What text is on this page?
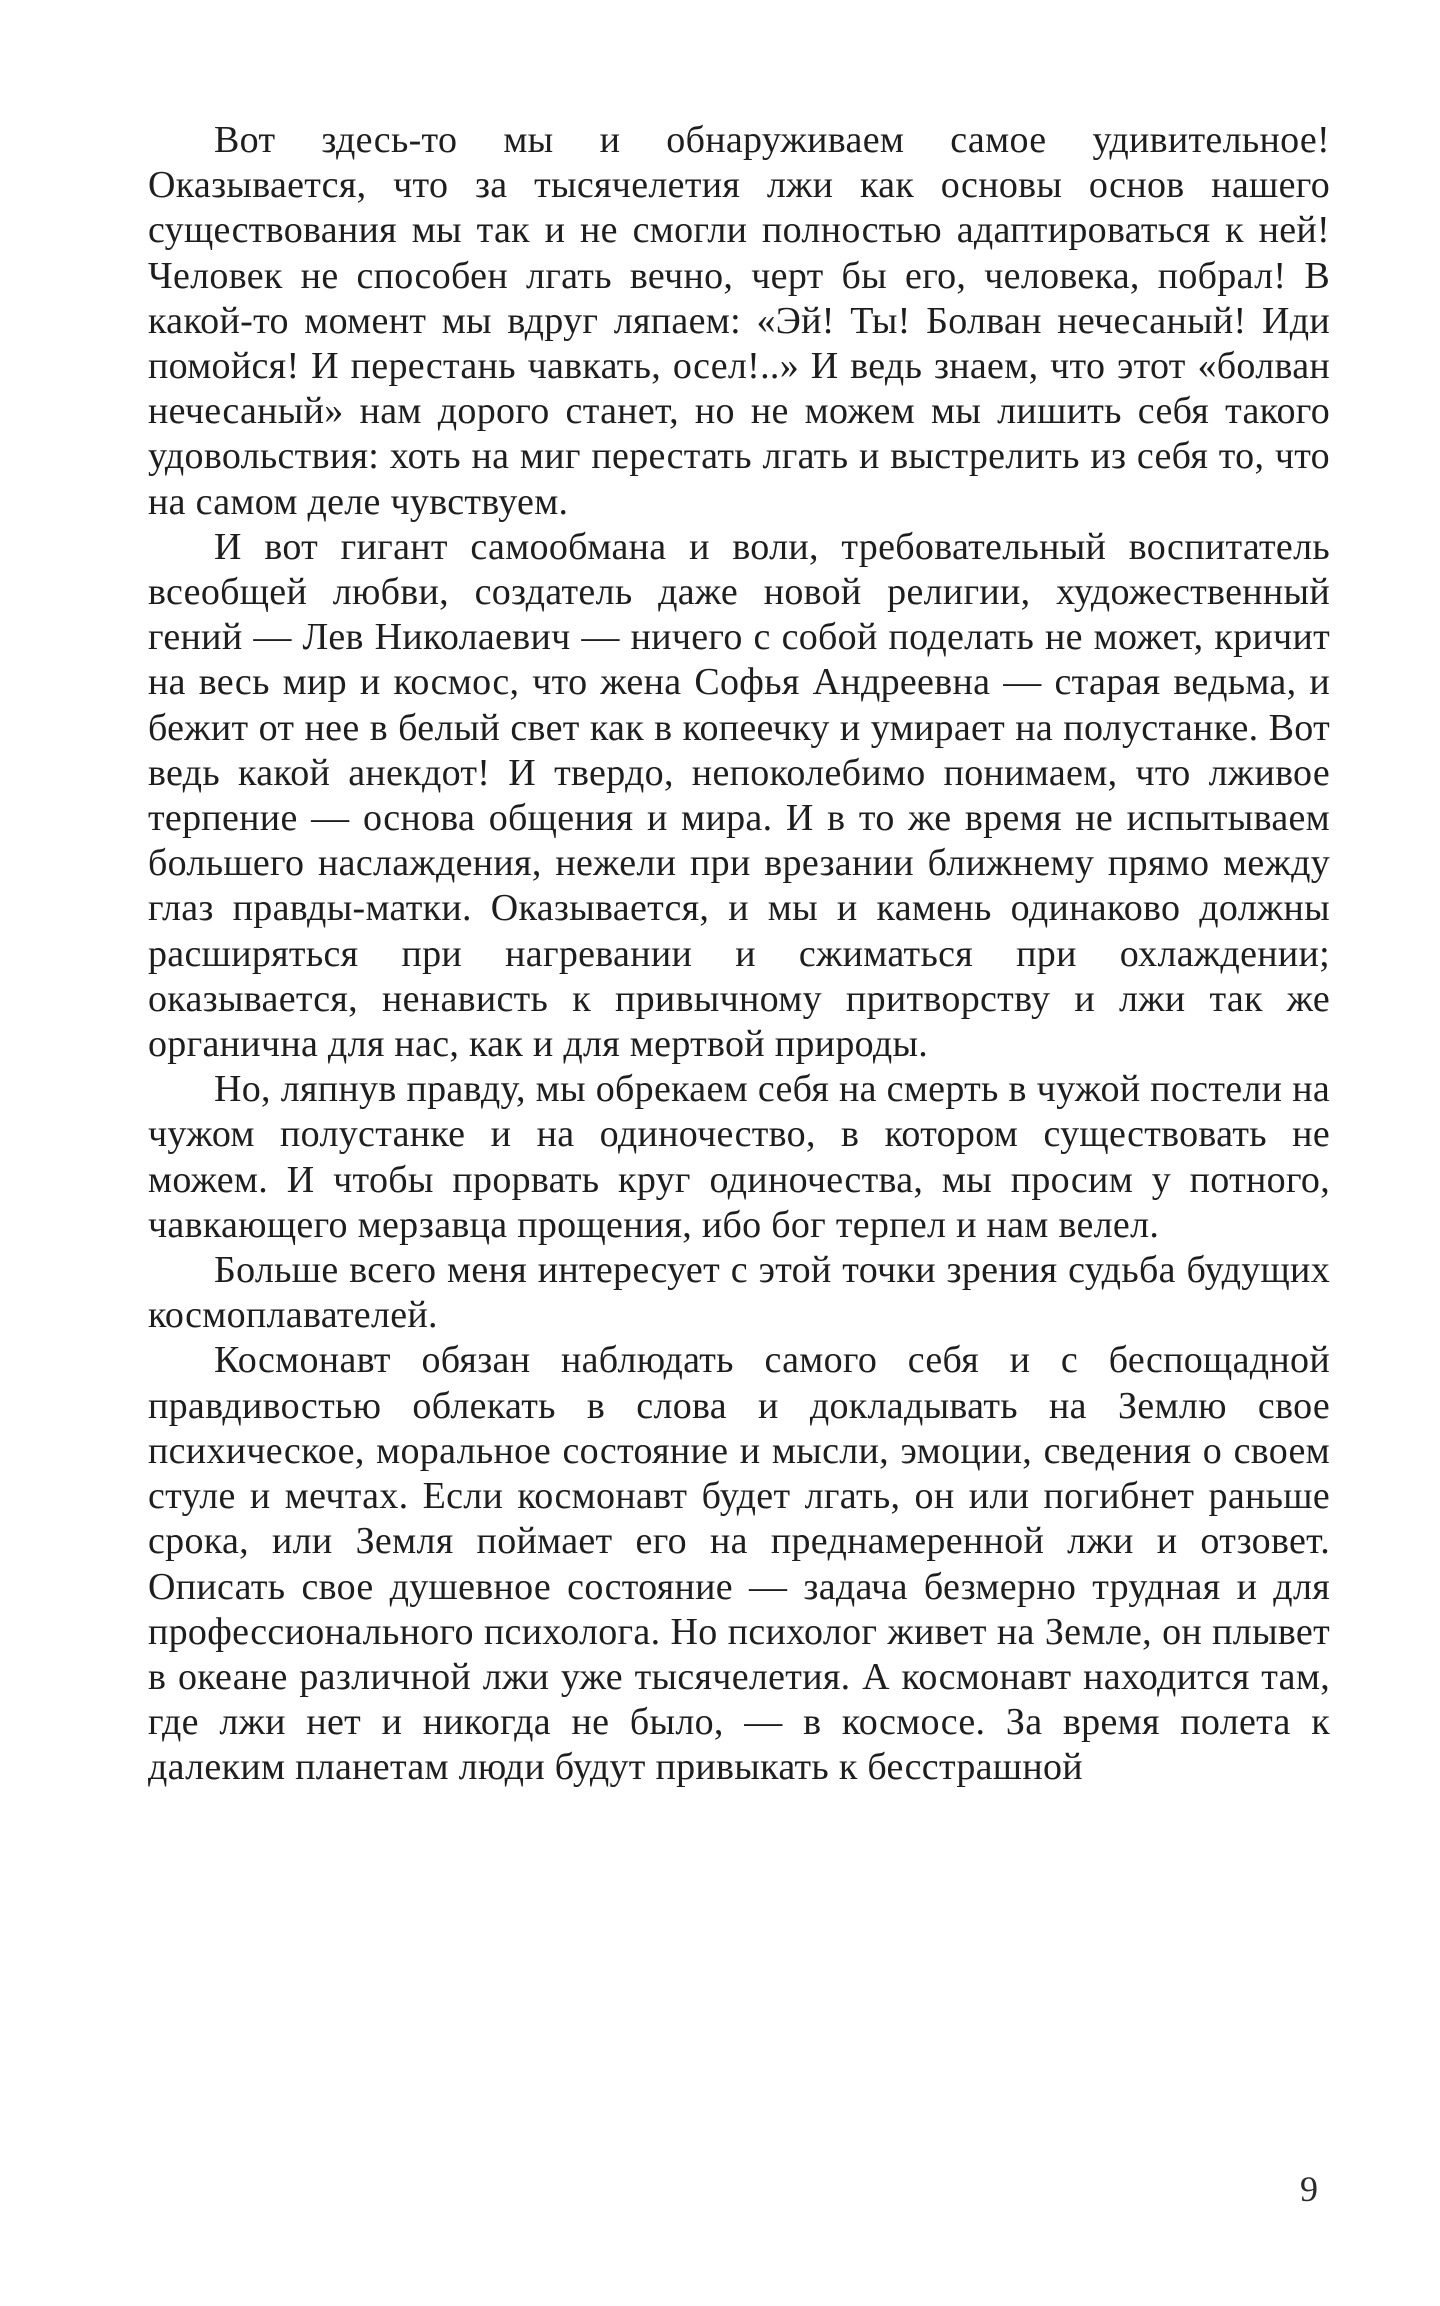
Вот здесь-то мы и обнаруживаем самое удивительное! Оказывается, что за тысячелетия лжи как основы основ нашего существования мы так и не смогли полностью адаптироваться к ней! Человек не способен лгать вечно, черт бы его, человека, побрал! В какой-то момент мы вдруг ляпаем: «Эй! Ты! Болван нечесаный! Иди помойся! И перестань чавкать, осел!..» И ведь знаем, что этот «болван нечесаный» нам дорого станет, но не можем мы лишить себя такого удовольствия: хоть на миг перестать лгать и выстрелить из себя то, что на самом деле чувствуем.

И вот гигант самообмана и воли, требовательный воспитатель всеобщей любви, создатель даже новой религии, художественный гений — Лев Николаевич — ничего с собой поделать не может, кричит на весь мир и космос, что жена Софья Андреевна — старая ведьма, и бежит от нее в белый свет как в копеечку и умирает на полустанке. Вот ведь какой анекдот! И твердо, непоколебимо понимаем, что лживое терпение — основа общения и мира. И в то же время не испытываем большего наслаждения, нежели при врезании ближнему прямо между глаз правды-матки. Оказывается, и мы и камень одинаково должны расширяться при нагревании и сжиматься при охлаждении; оказывается, ненависть к привычному притворству и лжи так же органична для нас, как и для мертвой природы.

Но, ляпнув правду, мы обрекаем себя на смерть в чужой постели на чужом полустанке и на одиночество, в котором существовать не можем. И чтобы прорвать круг одиночества, мы просим у потного, чавкающего мерзавца прощения, ибо бог терпел и нам велел.

Больше всего меня интересует с этой точки зрения судьба будущих космоплавателей.

Космонавт обязан наблюдать самого себя и с беспощадной правдивостью облекать в слова и докладывать на Землю свое психическое, моральное состояние и мысли, эмоции, сведения о своем стуле и мечтах. Если космонавт будет лгать, он или погибнет раньше срока, или Земля поймает его на преднамеренной лжи и отзовет. Описать свое душевное состояние — задача безмерно трудная и для профессионального психолога. Но психолог живет на Земле, он плывет в океане различной лжи уже тысячелетия. А космонавт находится там, где лжи нет и никогда не было, — в космосе. За время полета к далеким планетам люди будут привыкать к бесстрашной

9
